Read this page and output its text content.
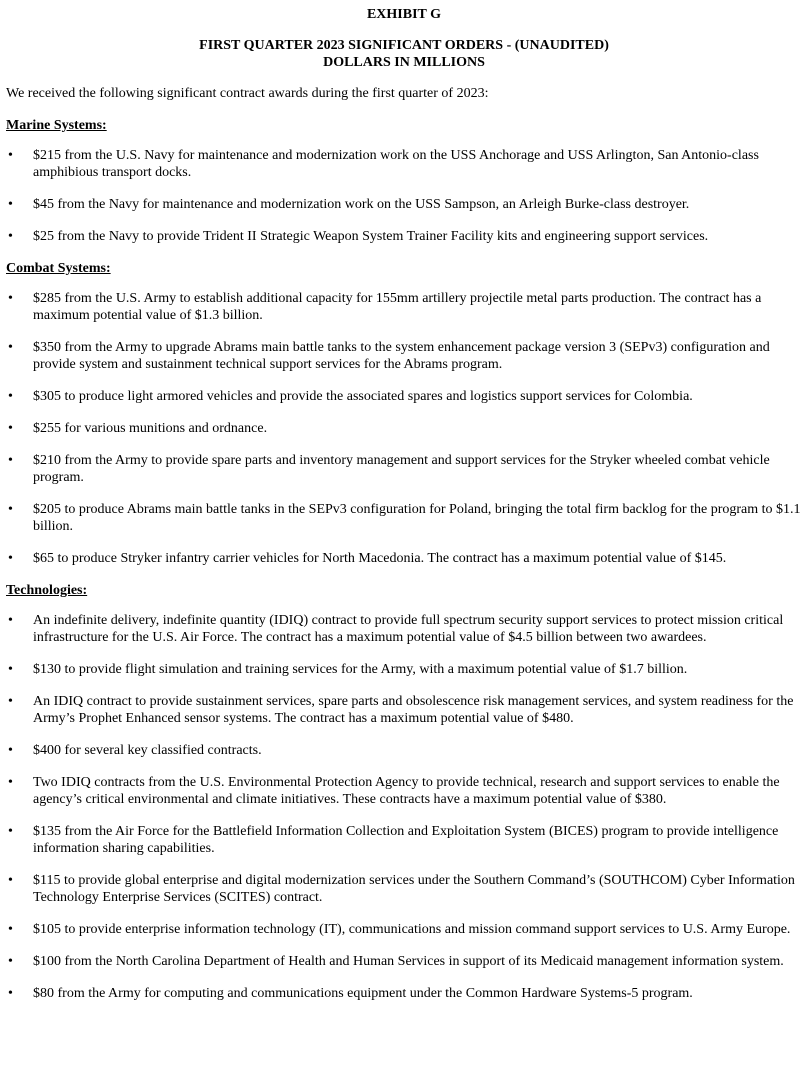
EXHIBIT G
FIRST QUARTER 2023 SIGNIFICANT ORDERS - (UNAUDITED)
DOLLARS IN MILLIONS

We received the following significant contract awards during the first quarter of 2023:

Marine Systems:
• $215 from the U.S. Navy for maintenance and modernization work on the USS Anchorage and USS Arlington, San Antonio-class amphibious transport docks.
• $45 from the Navy for maintenance and modernization work on the USS Sampson, an Arleigh Burke-class destroyer.
• $25 from the Navy to provide Trident II Strategic Weapon System Trainer Facility kits and engineering support services.
Combat Systems:
• $285 from the U.S. Army to establish additional capacity for 155mm artillery projectile metal parts production. The contract has a maximum potential value of $1.3 billion.
• $350 from the Army to upgrade Abrams main battle tanks to the system enhancement package version 3 (SEPv3) configuration and provide system and sustainment technical support services for the Abrams program.
• $305 to produce light armored vehicles and provide the associated spares and logistics support services for Colombia.
• $255 for various munitions and ordnance.
• $210 from the Army to provide spare parts and inventory management and support services for the Stryker wheeled combat vehicle program.
• $205 to produce Abrams main battle tanks in the SEPv3 configuration for Poland, bringing the total firm backlog for the program to $1.1 billion.
• $65 to produce Stryker infantry carrier vehicles for North Macedonia. The contract has a maximum potential value of $145.
Technologies:
• An indefinite delivery, indefinite quantity (IDIQ) contract to provide full spectrum security support services to protect mission critical infrastructure for the U.S. Air Force. The contract has a maximum potential value of $4.5 billion between two awardees.
• $130 to provide flight simulation and training services for the Army, with a maximum potential value of $1.7 billion.
• An IDIQ contract to provide sustainment services, spare parts and obsolescence risk management services, and system readiness for the Army’s Prophet Enhanced sensor systems. The contract has a maximum potential value of $480.
• $400 for several key classified contracts.
• Two IDIQ contracts from the U.S. Environmental Protection Agency to provide technical, research and support services to enable the agency’s critical environmental and climate initiatives. These contracts have a maximum potential value of $380.
• $135 from the Air Force for the Battlefield Information Collection and Exploitation System (BICES) program to provide intelligence information sharing capabilities.
• $115 to provide global enterprise and digital modernization services under the Southern Command’s (SOUTHCOM) Cyber Information Technology Enterprise Services (SCITES) contract.
• $105 to provide enterprise information technology (IT), communications and mission command support services to U.S. Army Europe.
• $100 from the North Carolina Department of Health and Human Services in support of its Medicaid management information system.
• $80 from the Army for computing and communications equipment under the Common Hardware Systems-5 program.
